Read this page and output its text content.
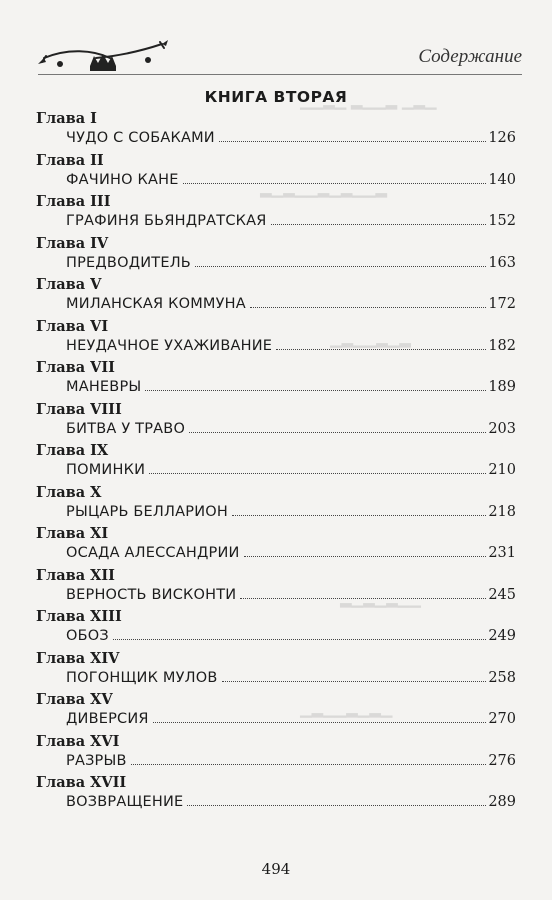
▁▁▂▁ ▂▁▁▂ ▁▂▁
▂▁▂▁▁▂▁▂▁▁▂
▁▂▁▁▂▁▂
▂▁▂▁▂▁▁
▁▂▁▁▂▁▂▁
Содержание
КНИГА ВТОРАЯ
Глава I
ЧУДО С СОБАКАМИ	126
Глава II
ФАЧИНО КАНЕ	140
Глава III
ГРАФИНЯ БЬЯНДРАТСКАЯ	152
Глава IV
ПРЕДВОДИТЕЛЬ	163
Глава V
МИЛАНСКАЯ КОММУНА	172
Глава VI
НЕУДАЧНОЕ УХАЖИВАНИЕ	182
Глава VII
МАНЕВРЫ	189
Глава VIII
БИТВА У ТРАВО	203
Глава IX
ПОМИНКИ	210
Глава X
РЫЦАРЬ БЕЛЛАРИОН	218
Глава XI
ОСАДА АЛЕССАНДРИИ	231
Глава XII
ВЕРНОСТЬ ВИСКОНТИ	245
Глава XIII
ОБОЗ	249
Глава XIV
ПОГОНЩИК МУЛОВ	258
Глава XV
ДИВЕРСИЯ	270
Глава XVI
РАЗРЫВ	276
Глава XVII
ВОЗВРАЩЕНИЕ	289
494
